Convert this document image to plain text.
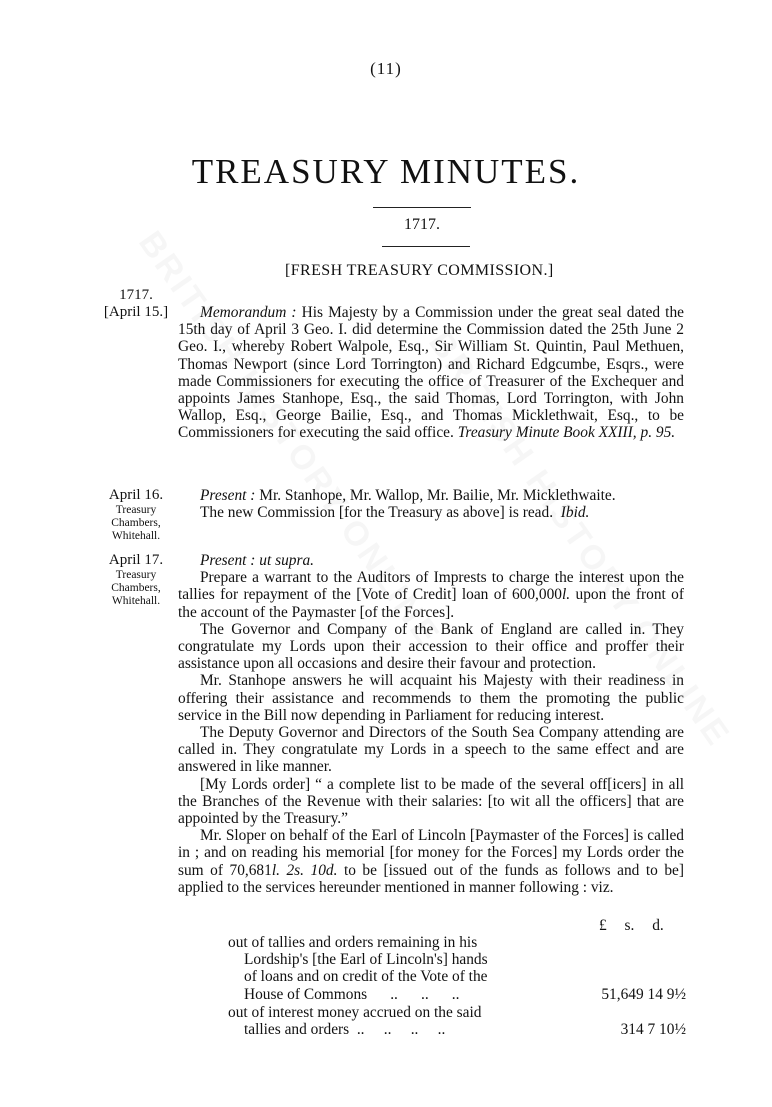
(11)
TREASURY MINUTES.
1717.
[FRESH TREASURY COMMISSION.]
1717.
[April 15.]	Memorandum : His Majesty by a Commission under the great seal dated the 15th day of April 3 Geo. I. did determine the Commission dated the 25th June 2 Geo. I., whereby Robert Walpole, Esq., Sir William St. Quintin, Paul Methuen, Thomas Newport (since Lord Torrington) and Richard Edgcumbe, Esqrs., were made Commissioners for executing the office of Treasurer of the Exchequer and appoints James Stanhope, Esq., the said Thomas, Lord Torrington, with John Wallop, Esq., George Bailie, Esq., and Thomas Micklethwait, Esq., to be Commissioners for executing the said office. Treasury Minute Book XXIII, p. 95.

April 16.
Treasury
Chambers,
Whitehall.

Present : Mr. Stanhope, Mr. Wallop, Mr. Bailie, Mr. Micklethwaite.

The new Commission [for the Treasury as above] is read. Ibid.

April 17.
Treasury
Chambers,
Whitehall.

Present : ut supra.

Prepare a warrant to the Auditors of Imprests to charge the interest upon the tallies for repayment of the [Vote of Credit] loan of 600,000l. upon the front of the account of the Paymaster [of the Forces].

The Governor and Company of the Bank of England are called in. They congratulate my Lords upon their accession to their office and proffer their assistance upon all occasions and desire their favour and protection.

Mr. Stanhope answers he will acquaint his Majesty with their readiness in offering their assistance and recommends to them the promoting the public service in the Bill now depending in Parliament for reducing interest.

The Deputy Governor and Directors of the South Sea Company attending are called in. They congratulate my Lords in a speech to the same effect and are answered in like manner.

[My Lords order] “ a complete list to be made of the several off[icers] in all the Branches of the Revenue with their salaries: [to wit all the officers] that are appointed by the Treasury.”

Mr. Sloper on behalf of the Earl of Lincoln [Paymaster of the Forces] is called in ; and on reading his memorial [for money for the Forces] my Lords order the sum of 70,681l. 2s. 10d. to be [issued out of the funds as follows and to be] applied to the services hereunder mentioned in manner following : viz.

£ s. d.
out of tallies and orders remaining in his
Lordship's [the Earl of Lincoln's] hands
of loans and on credit of the Vote of the
House of Commons      ..      ..      ..	51,649 14 9½
out of interest money accrued on the said
tallies and orders  ..     ..     ..     ..	314 7 10½
